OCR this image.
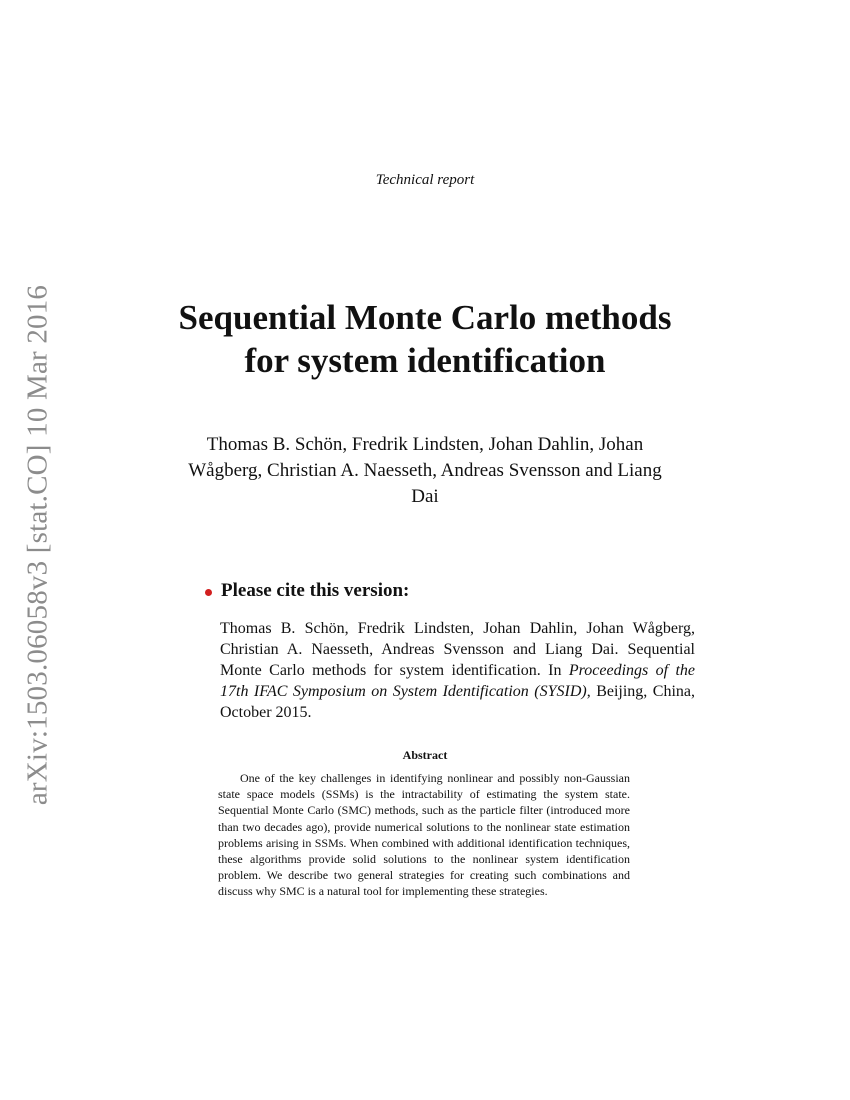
arXiv:1503.06058v3 [stat.CO] 10 Mar 2016
Technical report
Sequential Monte Carlo methods for system identification
Thomas B. Schön, Fredrik Lindsten, Johan Dahlin, Johan Wågberg, Christian A. Naesseth, Andreas Svensson and Liang Dai
Please cite this version:
Thomas B. Schön, Fredrik Lindsten, Johan Dahlin, Johan Wågberg, Christian A. Naesseth, Andreas Svensson and Liang Dai. Sequential Monte Carlo methods for system identification. In Proceedings of the 17th IFAC Symposium on System Identification (SYSID), Beijing, China, October 2015.
Abstract

One of the key challenges in identifying nonlinear and possibly non-Gaussian state space models (SSMs) is the intractability of estimating the system state. Sequential Monte Carlo (SMC) methods, such as the particle filter (introduced more than two decades ago), provide numerical solutions to the nonlinear state estimation problems arising in SSMs. When combined with additional identification techniques, these algorithms provide solid solutions to the nonlinear system identification problem. We describe two general strategies for creating such combinations and discuss why SMC is a natural tool for implementing these strategies.
